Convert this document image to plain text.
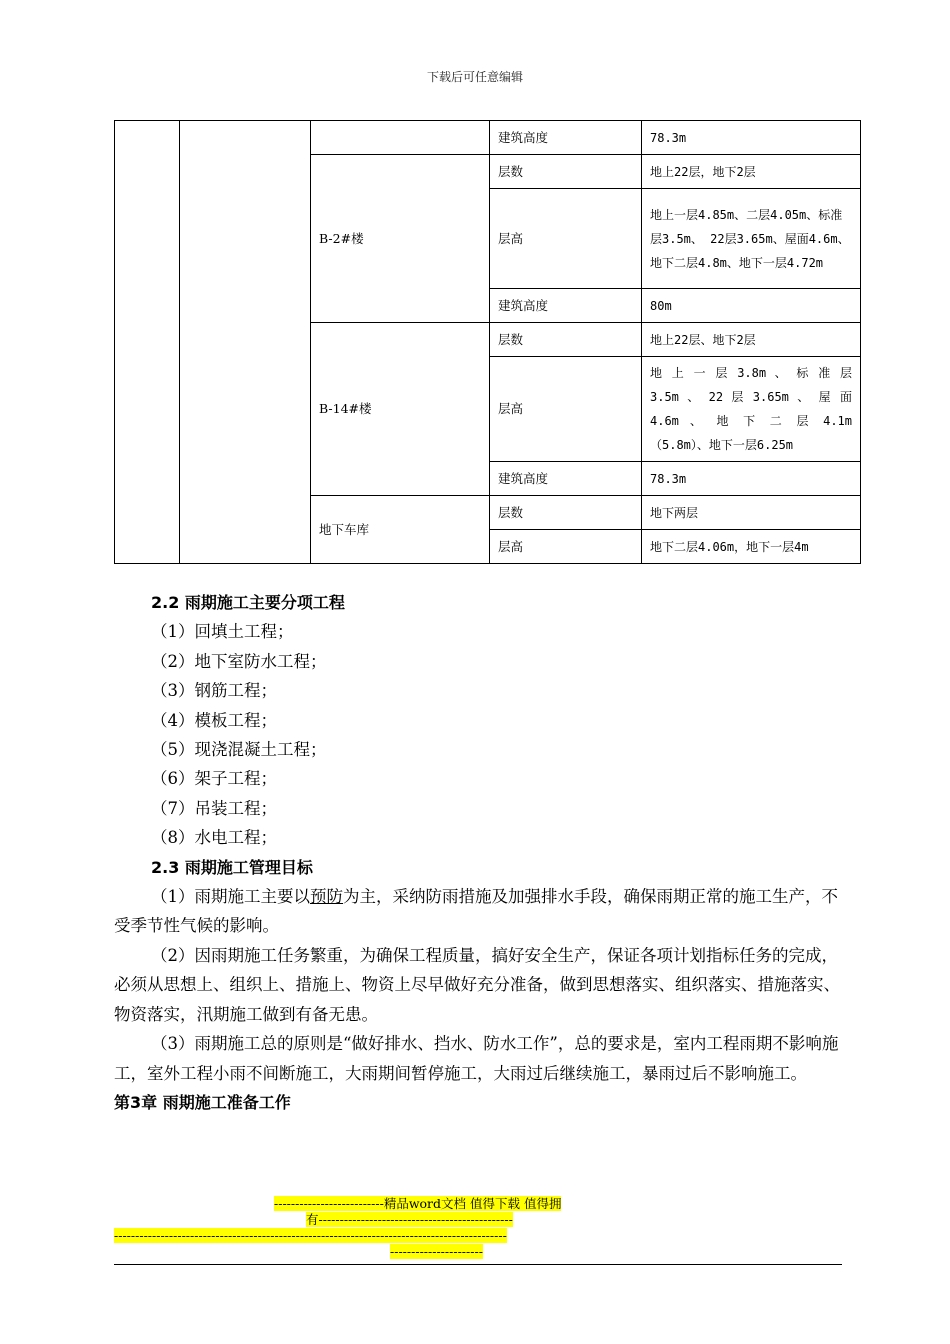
下载后可任意编辑
			建筑高度	78.3m
		B-2#楼	层数	地上22层，地下2层
			层高	地上一层4.85m、二层4.05m、标准层3.5m、 22层3.65m、屋面4.6m、地下二层4.8m、地下一层4.72m
			建筑高度	80m
		B-14#楼	层数	地上22层、地下2层
			层高	地 上 一 层 3.8m 、 标 准 层 3.5m 、 22 层 3.65m 、 屋 面 4.6m 、 地 下 二 层 4.1m（5.8m）、地下一层6.25m
			建筑高度	78.3m
		地下车库	层数	地下两层
			层高	地下二层4.06m，地下一层4m

2.2 雨期施工主要分项工程

（1）回填土工程；

（2）地下室防水工程；

（3）钢筋工程；

（4）模板工程；

（5）现浇混凝土工程；

（6）架子工程；

（7）吊装工程；

（8）水电工程；

2.3 雨期施工管理目标

（1）雨期施工主要以预防为主，采纳防雨措施及加强排水手段，确保雨期正常的施工生产，不受季节性气候的影响。

（2）因雨期施工任务繁重，为确保工程质量，搞好安全生产，保证各项计划指标任务的完成，必须从思想上、组织上、措施上、物资上尽早做好充分准备，做到思想落实、组织落实、措施落实、物资落实，汛期施工做到有备无患。

（3）雨期施工总的原则是“做好排水、挡水、防水工作”，总的要求是，室内工程雨期不影响施工，室外工程小雨不间断施工，大雨期间暂停施工，大雨过后继续施工，暴雨过后不影响施工。

第3章 雨期施工准备工作

--------------------------精品word文档 值得下载 值得拥
有----------------------------------------------
---------------------------------------------------------------------------------------------
----------------------
